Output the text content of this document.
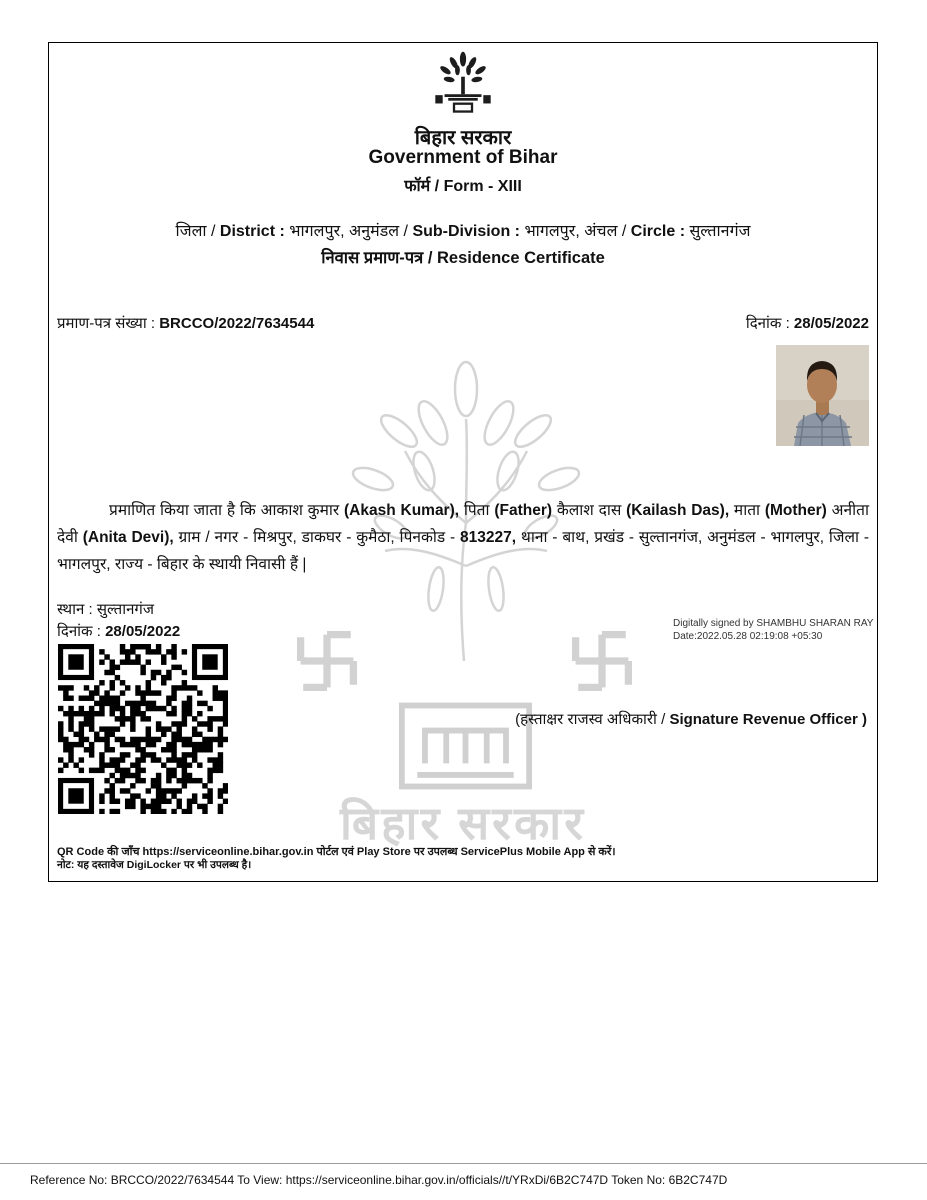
बिहार सरकार
बिहार सरकार
Government of Bihar
फॉर्म / Form - XIII
जिला / District : भागलपुर, अनुमंडल / Sub-Division : भागलपुर, अंचल / Circle : सुल्तानगंज
निवास प्रमाण-पत्र / Residence Certificate
प्रमाण-पत्र संख्या : BRCCO/2022/7634544	दिनांक : 28/05/2022
प्रमाणित किया जाता है कि आकाश कुमार (Akash Kumar), पिता (Father) कैलाश दास (Kailash Das), माता (Mother) अनीता देवी (Anita Devi), ग्राम / नगर - मिश्रपुर, डाकघर - कुमैठा, पिनकोड - 813227, थाना - बाथ, प्रखंड - सुल्तानगंज, अनुमंडल - भागलपुर, जिला - भागलपुर, राज्य - बिहार के स्थायी निवासी हैं |
स्थान : सुल्तानगंज
दिनांक : 28/05/2022	Digitally signed by SHAMBHU SHARAN RAY
Date:2022.05.28 02:19:08 +05:30
(हस्ताक्षर राजस्व अधिकारी / Signature Revenue Officer )
QR Code की जाँच https://serviceonline.bihar.gov.in पोर्टल एवं Play Store पर उपलब्ध ServicePlus Mobile App से करें।
नोट: यह दस्तावेज DigiLocker पर भी उपलब्ध है।
Reference No: BRCCO/2022/7634544 To View: https://serviceonline.bihar.gov.in/officials//t/YRxDi/6B2C747D Token No: 6B2C747D
